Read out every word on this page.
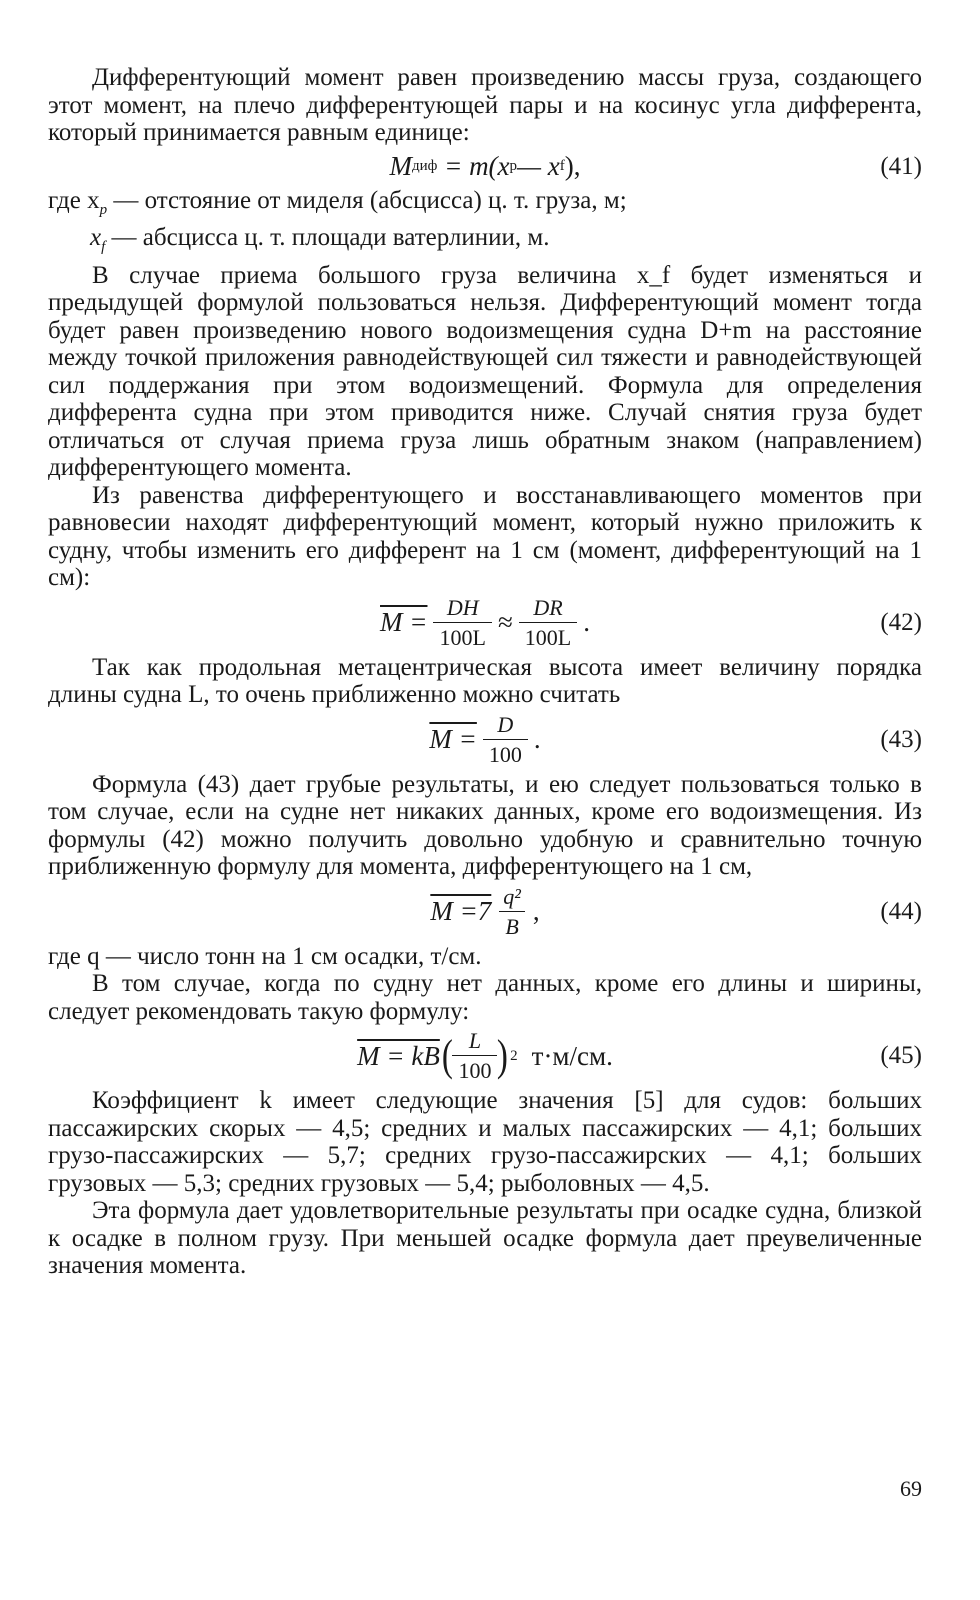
Дифферентующий момент равен произведению массы груза, создающего этот момент, на плечо дифферентующей пары и на косинус угла дифферента, который принимается равным единице:

M диф
= m(x p — x f ),	(41)

где $x_p$ — отстояние от миделя (абсцисса) ц. т. груза, м;

$x_f$ — абсцисса ц. т. площади ватерлинии, м.

В случае приема большого груза величина x_f будет изменяться и предыдущей формулой пользоваться нельзя. Дифферентующий момент тогда будет равен произведению нового водоизмещения судна D+m на расстояние между точкой приложения равнодействующей сил тяжести и равнодействующей сил поддержания при этом водоизмещений. Формула для определения дифферента судна при этом приводится ниже. Случай снятия груза будет отличаться от случая приема груза лишь обратным знаком (направлением) дифферентующего момента.

Из равенства дифферентующего и восстанавливающего моментов при равновесии находят дифферентующий момент, который нужно приложить к судну, чтобы изменить его дифферент на 1 см (момент, дифферентующий на 1 см):

$M = \frac{DH}{100L} \approx \frac{DR}{100L}$ .	(42)

Так как продольная метацентрическая высота имеет величину порядка длины судна L, то очень приближенно можно считать

$M = \frac{D}{100}$ .	(43)

Формула (43) дает грубые результаты, и ею следует пользоваться только в том случае, если на судне нет никаких данных, кроме его водоизмещения. Из формулы (42) можно получить довольно удобную и сравнительно точную приближенную формулу для момента, дифферентующего на 1 см,

$M =7 \frac{\text{q²}}{B}$ ,	(44)

где q — число тонн на 1 см осадки, т/см.

В том случае, когда по судну нет данных, кроме его длины и ширины, следует рекомендовать такую формулу:

M = kB ( $\frac{L}{100}$ ) 2 т·м/см.	(45)

Коэффициент k имеет следующие значения [5] для судов: больших пассажирских скорых — 4,5; средних и малых пассажирских — 4,1; больших грузо-пассажирских — 5,7; средних грузо-пассажирских — 4,1; больших грузовых — 5,3; средних грузовых — 5,4; рыболовных — 4,5.

Эта формула дает удовлетворительные результаты при осадке судна, близкой к осадке в полном грузу. При меньшей осадке формула дает преувеличенные значения момента.

69
